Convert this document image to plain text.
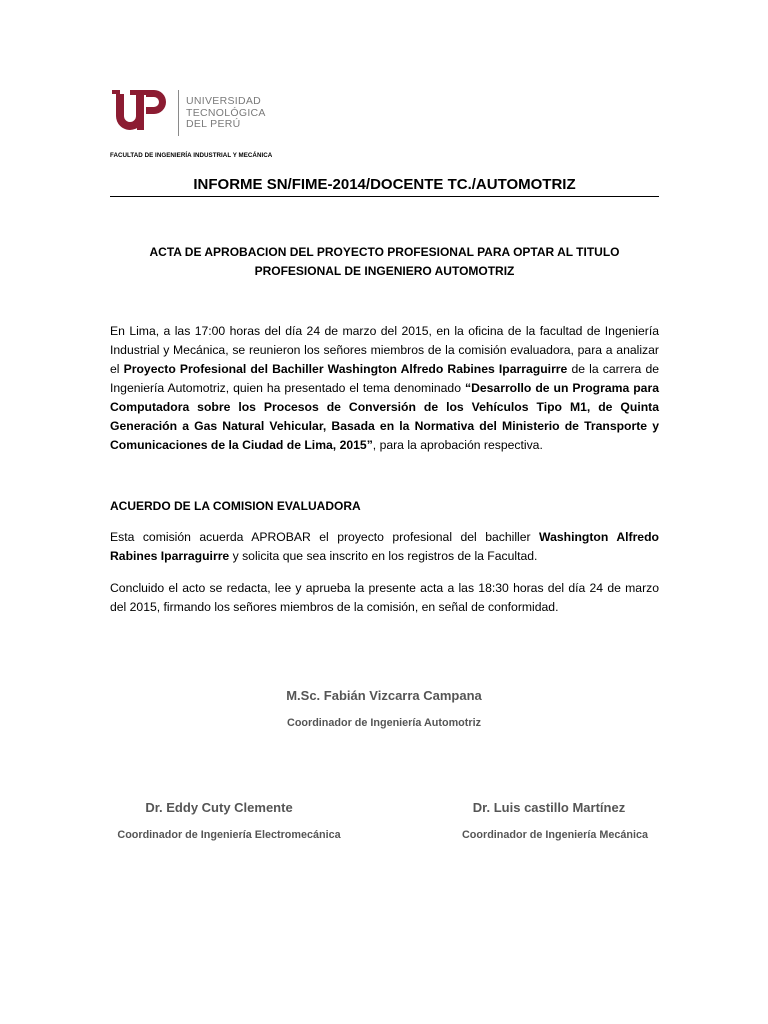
UNIVERSIDAD
TECNOLÓGICA
DEL PERÚ
FACULTAD DE INGENIERÍA INDUSTRIAL Y MECÁNICA
INFORME SN/FIME-2014/DOCENTE TC./AUTOMOTRIZ
ACTA DE APROBACION DEL PROYECTO PROFESIONAL PARA OPTAR AL TITULO PROFESIONAL DE INGENIERO AUTOMOTRIZ
En Lima, a las 17:00 horas del día 24 de marzo del 2015, en la oficina de la facultad de Ingeniería Industrial y Mecánica, se reunieron los señores miembros de la comisión evaluadora, para a analizar el Proyecto Profesional del Bachiller Washington Alfredo Rabines Iparraguirre de la carrera de Ingeniería Automotriz, quien ha presentado el tema denominado “Desarrollo de un Programa para Computadora sobre los Procesos de Conversión de los Vehículos Tipo M1, de Quinta Generación a Gas Natural Vehicular, Basada en la Normativa del Ministerio de Transporte y Comunicaciones de la Ciudad de Lima, 2015”, para la aprobación respectiva.
ACUERDO DE LA COMISION EVALUADORA
Esta comisión acuerda APROBAR el proyecto profesional del bachiller Washington Alfredo Rabines Iparraguirre y solicita que sea inscrito en los registros de la Facultad.
Concluido el acto se redacta, lee y aprueba la presente acta a las 18:30 horas del día 24 de marzo del 2015, firmando los señores miembros de la comisión, en señal de conformidad.
M.Sc. Fabián Vizcarra Campana
Coordinador de Ingeniería Automotriz
Dr. Eddy Cuty Clemente
Coordinador de Ingeniería Electromecánica
Dr. Luis castillo Martínez
Coordinador de Ingeniería Mecánica
